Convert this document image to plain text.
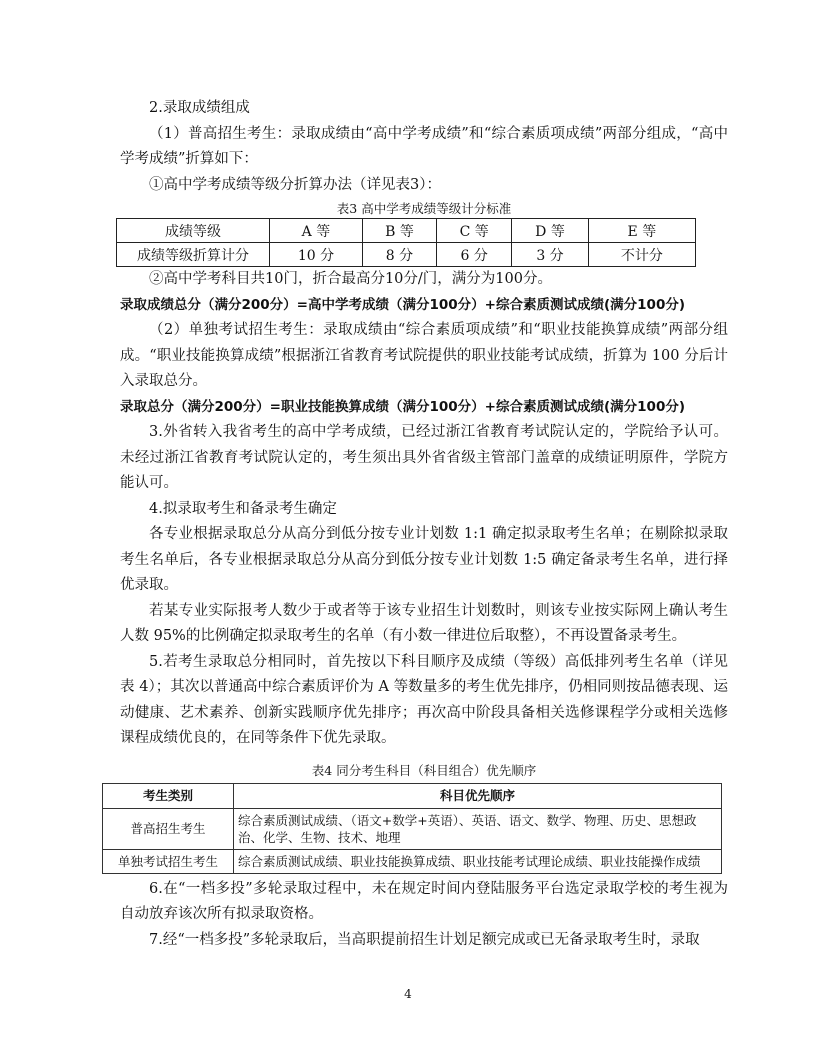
2.录取成绩组成

（1）普高招生考生：录取成绩由“高中学考成绩”和“综合素质项成绩”两部分组成，“高中学考成绩”折算如下：

①高中学考成绩等级分折算办法（详见表3）：

表3 高中学考成绩等级计分标准
成绩等级	A 等	B 等	C 等	D 等	E 等
成绩等级折算计分	10 分	8 分	6 分	3 分	不计分

②高中学考科目共10门，折合最高分10分/门，满分为100分。

录取成绩总分（满分200分）=高中学考成绩（满分100分）+综合素质测试成绩(满分100分)

（2）单独考试招生考生：录取成绩由“综合素质项成绩”和“职业技能换算成绩”两部分组成。“职业技能换算成绩”根据浙江省教育考试院提供的职业技能考试成绩，折算为 100 分后计入录取总分。

录取总分（满分200分）=职业技能换算成绩（满分100分）+综合素质测试成绩(满分100分)

3.外省转入我省考生的高中学考成绩，已经过浙江省教育考试院认定的，学院给予认可。未经过浙江省教育考试院认定的，考生须出具外省省级主管部门盖章的成绩证明原件，学院方能认可。

4.拟录取考生和备录考生确定

各专业根据录取总分从高分到低分按专业计划数 1:1 确定拟录取考生名单；在剔除拟录取考生名单后，各专业根据录取总分从高分到低分按专业计划数 1:5 确定备录考生名单，进行择优录取。

若某专业实际报考人数少于或者等于该专业招生计划数时，则该专业按实际网上确认考生人数 95%的比例确定拟录取考生的名单（有小数一律进位后取整），不再设置备录考生。

5.若考生录取总分相同时，首先按以下科目顺序及成绩（等级）高低排列考生名单（详见表 4）；其次以普通高中综合素质评价为 A 等数量多的考生优先排序，仍相同则按品德表现、运动健康、艺术素养、创新实践顺序优先排序；再次高中阶段具备相关选修课程学分或相关选修课程成绩优良的，在同等条件下优先录取。

表4 同分考生科目（科目组合）优先顺序
考生类别	科目优先顺序
普高招生考生	综合素质测试成绩、（语文+数学+英语）、英语、语文、数学、物理、历史、思想政治、化学、生物、技术、地理
单独考试招生考生	综合素质测试成绩、职业技能换算成绩、职业技能考试理论成绩、职业技能操作成绩

6.在“一档多投”多轮录取过程中，未在规定时间内登陆服务平台选定录取学校的考生视为自动放弃该次所有拟录取资格。

7.经“一档多投”多轮录取后，当高职提前招生计划足额完成或已无备录取考生时，录取

4
